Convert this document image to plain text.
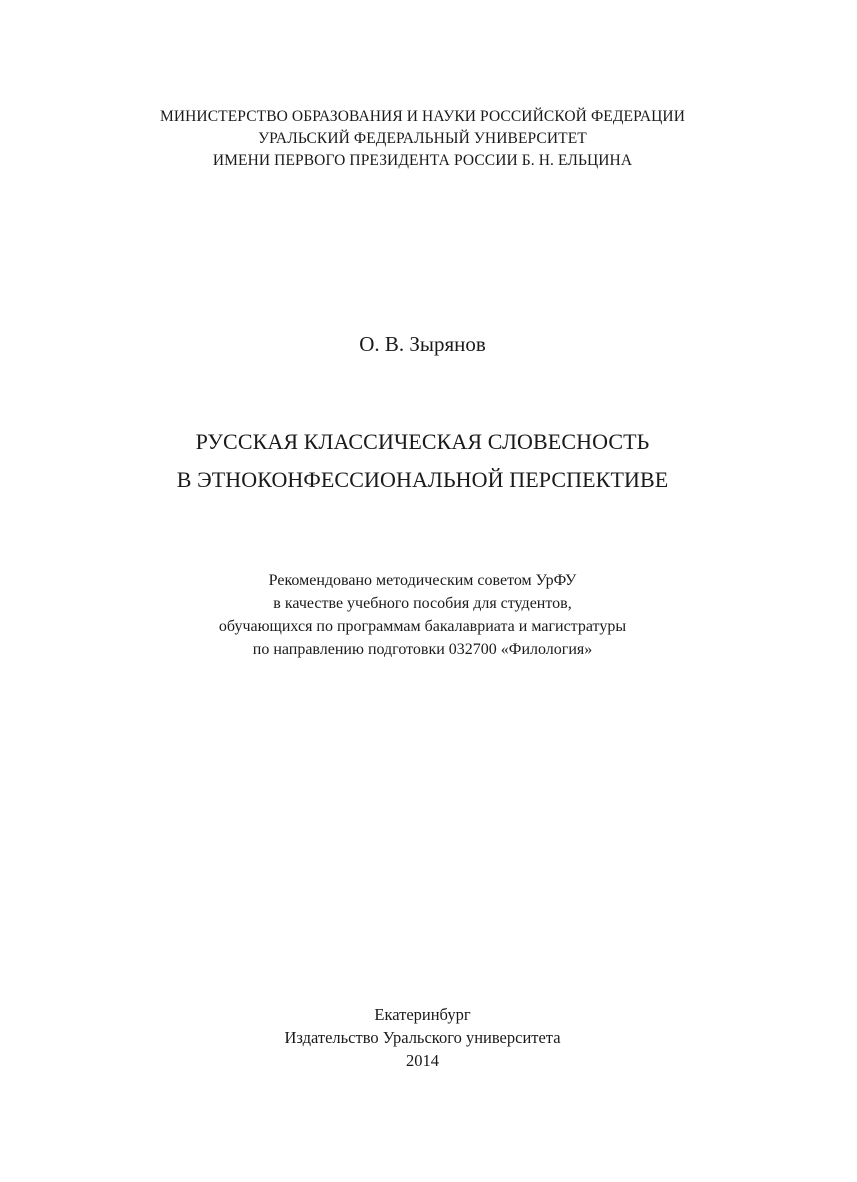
МИНИСТЕРСТВО ОБРАЗОВАНИЯ И НАУКИ РОССИЙСКОЙ ФЕДЕРАЦИИ
УРАЛЬСКИЙ ФЕДЕРАЛЬНЫЙ УНИВЕРСИТЕТ
ИМЕНИ ПЕРВОГО ПРЕЗИДЕНТА РОССИИ Б. Н. ЕЛЬЦИНА
О. В. Зырянов
РУССКАЯ КЛАССИЧЕСКАЯ СЛОВЕСНОСТЬ
В ЭТНОКОНФЕССИОНАЛЬНОЙ ПЕРСПЕКТИВЕ
Рекомендовано методическим советом УрФУ
в качестве учебного пособия для студентов,
обучающихся по программам бакалавриата и магистратуры
по направлению подготовки 032700 «Филология»
Екатеринбург
Издательство Уральского университета
2014
